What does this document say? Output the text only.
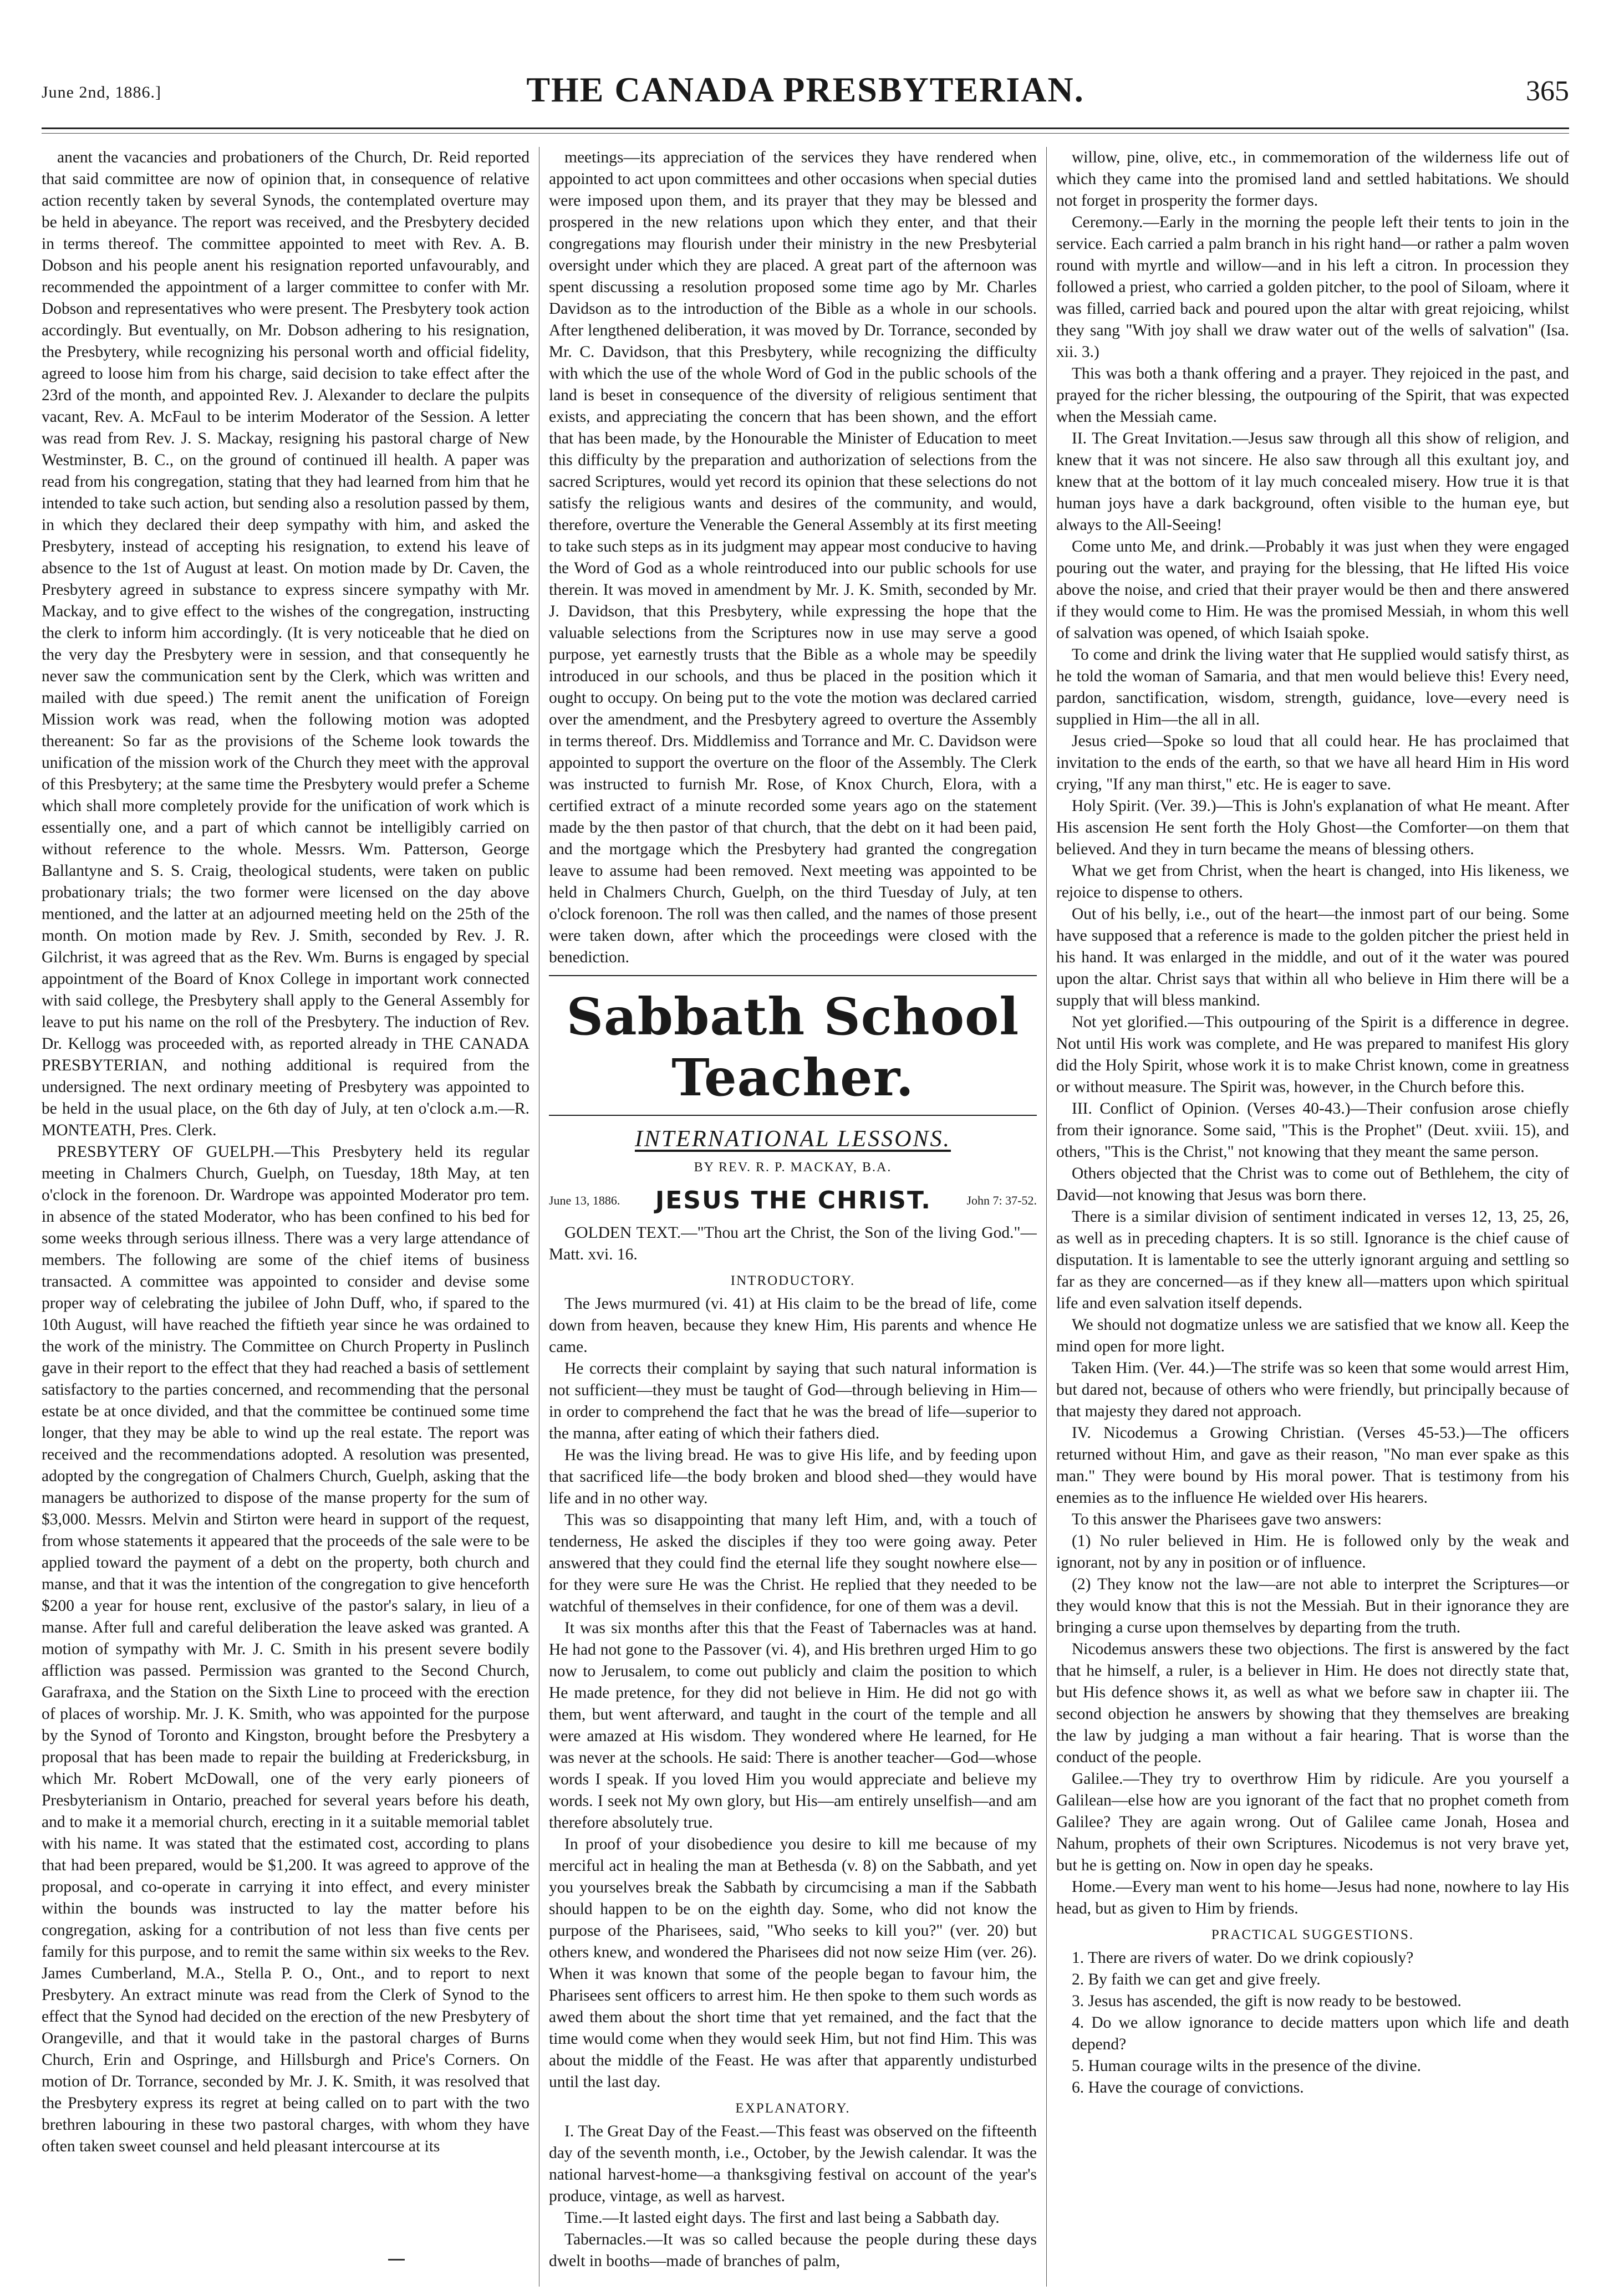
June 2nd, 1886.]	THE CANADA PRESBYTERIAN.	365

anent the vacancies and probationers of the Church, Dr. Reid reported that said committee are now of opinion that, in consequence of relative action recently taken by several Synods, the contemplated overture may be held in abeyance. The report was received, and the Presbytery decided in terms thereof. The committee appointed to meet with Rev. A. B. Dobson and his people anent his resignation reported unfavourably, and recommended the appointment of a larger committee to confer with Mr. Dobson and representatives who were present. The Presbytery took action accordingly. But eventually, on Mr. Dobson adhering to his resignation, the Presbytery, while recognizing his personal worth and official fidelity, agreed to loose him from his charge, said decision to take effect after the 23rd of the month, and appointed Rev. J. Alexander to declare the pulpits vacant, Rev. A. McFaul to be interim Moderator of the Session. A letter was read from Rev. J. S. Mackay, resigning his pastoral charge of New Westminster, B. C., on the ground of continued ill health. A paper was read from his congregation, stating that they had learned from him that he intended to take such action, but sending also a resolution passed by them, in which they declared their deep sympathy with him, and asked the Presbytery, instead of accepting his resignation, to extend his leave of absence to the 1st of August at least. On motion made by Dr. Caven, the Presbytery agreed in substance to express sincere sympathy with Mr. Mackay, and to give effect to the wishes of the congregation, instructing the clerk to inform him accordingly. (It is very noticeable that he died on the very day the Presbytery were in session, and that consequently he never saw the communication sent by the Clerk, which was written and mailed with due speed.) The remit anent the unification of Foreign Mission work was read, when the following motion was adopted thereanent: So far as the provisions of the Scheme look towards the unification of the mission work of the Church they meet with the approval of this Presbytery; at the same time the Presbytery would prefer a Scheme which shall more completely provide for the unification of work which is essentially one, and a part of which cannot be intelligibly carried on without reference to the whole. Messrs. Wm. Patterson, George Ballantyne and S. S. Craig, theological students, were taken on public probationary trials; the two former were licensed on the day above mentioned, and the latter at an adjourned meeting held on the 25th of the month. On motion made by Rev. J. Smith, seconded by Rev. J. R. Gilchrist, it was agreed that as the Rev. Wm. Burns is engaged by special appointment of the Board of Knox College in important work connected with said college, the Presbytery shall apply to the General Assembly for leave to put his name on the roll of the Presbytery. The induction of Rev. Dr. Kellogg was proceeded with, as reported already in THE CANADA PRESBYTERIAN, and nothing additional is required from the undersigned. The next ordinary meeting of Presbytery was appointed to be held in the usual place, on the 6th day of July, at ten o'clock a.m.—R. MONTEATH, Pres. Clerk.

PRESBYTERY OF GUELPH.—This Presbytery held its regular meeting in Chalmers Church, Guelph, on Tuesday, 18th May, at ten o'clock in the forenoon. Dr. Wardrope was appointed Moderator pro tem. in absence of the stated Moderator, who has been confined to his bed for some weeks through serious illness. There was a very large attendance of members. The following are some of the chief items of business transacted. A committee was appointed to consider and devise some proper way of celebrating the jubilee of John Duff, who, if spared to the 10th August, will have reached the fiftieth year since he was ordained to the work of the ministry. The Committee on Church Property in Puslinch gave in their report to the effect that they had reached a basis of settlement satisfactory to the parties concerned, and recommending that the personal estate be at once divided, and that the committee be continued some time longer, that they may be able to wind up the real estate. The report was received and the recommendations adopted. A resolution was presented, adopted by the congregation of Chalmers Church, Guelph, asking that the managers be authorized to dispose of the manse property for the sum of $3,000. Messrs. Melvin and Stirton were heard in support of the request, from whose statements it appeared that the proceeds of the sale were to be applied toward the payment of a debt on the property, both church and manse, and that it was the intention of the congregation to give henceforth $200 a year for house rent, exclusive of the pastor's salary, in lieu of a manse. After full and careful deliberation the leave asked was granted. A motion of sympathy with Mr. J. C. Smith in his present severe bodily affliction was passed. Permission was granted to the Second Church, Garafraxa, and the Station on the Sixth Line to proceed with the erection of places of worship. Mr. J. K. Smith, who was appointed for the purpose by the Synod of Toronto and Kingston, brought before the Presbytery a proposal that has been made to repair the building at Fredericksburg, in which Mr. Robert McDowall, one of the very early pioneers of Presbyterianism in Ontario, preached for several years before his death, and to make it a memorial church, erecting in it a suitable memorial tablet with his name. It was stated that the estimated cost, according to plans that had been prepared, would be $1,200. It was agreed to approve of the proposal, and co-operate in carrying it into effect, and every minister within the bounds was instructed to lay the matter before his congregation, asking for a contribution of not less than five cents per family for this purpose, and to remit the same within six weeks to the Rev. James Cumberland, M.A., Stella P. O., Ont., and to report to next Presbytery. An extract minute was read from the Clerk of Synod to the effect that the Synod had decided on the erection of the new Presbytery of Orangeville, and that it would take in the pastoral charges of Burns Church, Erin and Ospringe, and Hillsburgh and Price's Corners. On motion of Dr. Torrance, seconded by Mr. J. K. Smith, it was resolved that the Presbytery express its regret at being called on to part with the two brethren labouring in these two pastoral charges, with whom they have often taken sweet counsel and held pleasant intercourse at its

meetings—its appreciation of the services they have rendered when appointed to act upon committees and other occasions when special duties were imposed upon them, and its prayer that they may be blessed and prospered in the new relations upon which they enter, and that their congregations may flourish under their ministry in the new Presbyterial oversight under which they are placed. A great part of the afternoon was spent discussing a resolution proposed some time ago by Mr. Charles Davidson as to the introduction of the Bible as a whole in our schools. After lengthened deliberation, it was moved by Dr. Torrance, seconded by Mr. C. Davidson, that this Presbytery, while recognizing the difficulty with which the use of the whole Word of God in the public schools of the land is beset in consequence of the diversity of religious sentiment that exists, and appreciating the concern that has been shown, and the effort that has been made, by the Honourable the Minister of Education to meet this difficulty by the preparation and authorization of selections from the sacred Scriptures, would yet record its opinion that these selections do not satisfy the religious wants and desires of the community, and would, therefore, overture the Venerable the General Assembly at its first meeting to take such steps as in its judgment may appear most conducive to having the Word of God as a whole reintroduced into our public schools for use therein. It was moved in amendment by Mr. J. K. Smith, seconded by Mr. J. Davidson, that this Presbytery, while expressing the hope that the valuable selections from the Scriptures now in use may serve a good purpose, yet earnestly trusts that the Bible as a whole may be speedily introduced in our schools, and thus be placed in the position which it ought to occupy. On being put to the vote the motion was declared carried over the amendment, and the Presbytery agreed to overture the Assembly in terms thereof. Drs. Middlemiss and Torrance and Mr. C. Davidson were appointed to support the overture on the floor of the Assembly. The Clerk was instructed to furnish Mr. Rose, of Knox Church, Elora, with a certified extract of a minute recorded some years ago on the statement made by the then pastor of that church, that the debt on it had been paid, and the mortgage which the Presbytery had granted the congregation leave to assume had been removed. Next meeting was appointed to be held in Chalmers Church, Guelph, on the third Tuesday of July, at ten o'clock forenoon. The roll was then called, and the names of those present were taken down, after which the proceedings were closed with the benediction.

Sabbath School Teacher.
INTERNATIONAL LESSONS.
BY REV. R. P. MACKAY, B.A.
June 13, 1886. JESUS THE CHRIST.	John 7: 37-52.

GOLDEN TEXT.—"Thou art the Christ, the Son of the living God."—Matt. xvi. 16.

INTRODUCTORY.

The Jews murmured (vi. 41) at His claim to be the bread of life, come down from heaven, because they knew Him, His parents and whence He came.

He corrects their complaint by saying that such natural information is not sufficient—they must be taught of God—through believing in Him—in order to comprehend the fact that he was the bread of life—superior to the manna, after eating of which their fathers died.

He was the living bread. He was to give His life, and by feeding upon that sacrificed life—the body broken and blood shed—they would have life and in no other way.

This was so disappointing that many left Him, and, with a touch of tenderness, He asked the disciples if they too were going away. Peter answered that they could find the eternal life they sought nowhere else—for they were sure He was the Christ. He replied that they needed to be watchful of themselves in their confidence, for one of them was a devil.

It was six months after this that the Feast of Tabernacles was at hand. He had not gone to the Passover (vi. 4), and His brethren urged Him to go now to Jerusalem, to come out publicly and claim the position to which He made pretence, for they did not believe in Him. He did not go with them, but went afterward, and taught in the court of the temple and all were amazed at His wisdom. They wondered where He learned, for He was never at the schools. He said: There is another teacher—God—whose words I speak. If you loved Him you would appreciate and believe my words. I seek not My own glory, but His—am entirely unselfish—and am therefore absolutely true.

In proof of your disobedience you desire to kill me because of my merciful act in healing the man at Bethesda (v. 8) on the Sabbath, and yet you yourselves break the Sabbath by circumcising a man if the Sabbath should happen to be on the eighth day. Some, who did not know the purpose of the Pharisees, said, "Who seeks to kill you?" (ver. 20) but others knew, and wondered the Pharisees did not now seize Him (ver. 26). When it was known that some of the people began to favour him, the Pharisees sent officers to arrest him. He then spoke to them such words as awed them about the short time that yet remained, and the fact that the time would come when they would seek Him, but not find Him. This was about the middle of the Feast. He was after that apparently undisturbed until the last day.

EXPLANATORY.

I. The Great Day of the Feast.—This feast was observed on the fifteenth day of the seventh month, i.e., October, by the Jewish calendar. It was the national harvest-home—a thanksgiving festival on account of the year's produce, vintage, as well as harvest.

Time.—It lasted eight days. The first and last being a Sabbath day.

Tabernacles.—It was so called because the people during these days dwelt in booths—made of branches of palm,

willow, pine, olive, etc., in commemoration of the wilderness life out of which they came into the promised land and settled habitations. We should not forget in prosperity the former days.

Ceremony.—Early in the morning the people left their tents to join in the service. Each carried a palm branch in his right hand—or rather a palm woven round with myrtle and willow—and in his left a citron. In procession they followed a priest, who carried a golden pitcher, to the pool of Siloam, where it was filled, carried back and poured upon the altar with great rejoicing, whilst they sang "With joy shall we draw water out of the wells of salvation" (Isa. xii. 3.)

This was both a thank offering and a prayer. They rejoiced in the past, and prayed for the richer blessing, the outpouring of the Spirit, that was expected when the Messiah came.

II. The Great Invitation.—Jesus saw through all this show of religion, and knew that it was not sincere. He also saw through all this exultant joy, and knew that at the bottom of it lay much concealed misery. How true it is that human joys have a dark background, often visible to the human eye, but always to the All-Seeing!

Come unto Me, and drink.—Probably it was just when they were engaged pouring out the water, and praying for the blessing, that He lifted His voice above the noise, and cried that their prayer would be then and there answered if they would come to Him. He was the promised Messiah, in whom this well of salvation was opened, of which Isaiah spoke.

To come and drink the living water that He supplied would satisfy thirst, as he told the woman of Samaria, and that men would believe this! Every need, pardon, sanctification, wisdom, strength, guidance, love—every need is supplied in Him—the all in all.

Jesus cried—Spoke so loud that all could hear. He has proclaimed that invitation to the ends of the earth, so that we have all heard Him in His word crying, "If any man thirst," etc. He is eager to save.

Holy Spirit. (Ver. 39.)—This is John's explanation of what He meant. After His ascension He sent forth the Holy Ghost—the Comforter—on them that believed. And they in turn became the means of blessing others.

What we get from Christ, when the heart is changed, into His likeness, we rejoice to dispense to others.

Out of his belly, i.e., out of the heart—the inmost part of our being. Some have supposed that a reference is made to the golden pitcher the priest held in his hand. It was enlarged in the middle, and out of it the water was poured upon the altar. Christ says that within all who believe in Him there will be a supply that will bless mankind.

Not yet glorified.—This outpouring of the Spirit is a difference in degree. Not until His work was complete, and He was prepared to manifest His glory did the Holy Spirit, whose work it is to make Christ known, come in greatness or without measure. The Spirit was, however, in the Church before this.

III. Conflict of Opinion. (Verses 40-43.)—Their confusion arose chiefly from their ignorance. Some said, "This is the Prophet" (Deut. xviii. 15), and others, "This is the Christ," not knowing that they meant the same person.

Others objected that the Christ was to come out of Bethlehem, the city of David—not knowing that Jesus was born there.

There is a similar division of sentiment indicated in verses 12, 13, 25, 26, as well as in preceding chapters. It is so still. Ignorance is the chief cause of disputation. It is lamentable to see the utterly ignorant arguing and settling so far as they are concerned—as if they knew all—matters upon which spiritual life and even salvation itself depends.

We should not dogmatize unless we are satisfied that we know all. Keep the mind open for more light.

Taken Him. (Ver. 44.)—The strife was so keen that some would arrest Him, but dared not, because of others who were friendly, but principally because of that majesty they dared not approach.

IV. Nicodemus a Growing Christian. (Verses 45-53.)—The officers returned without Him, and gave as their reason, "No man ever spake as this man." They were bound by His moral power. That is testimony from his enemies as to the influence He wielded over His hearers.

To this answer the Pharisees gave two answers:

(1) No ruler believed in Him. He is followed only by the weak and ignorant, not by any in position or of influence.

(2) They know not the law—are not able to interpret the Scriptures—or they would know that this is not the Messiah. But in their ignorance they are bringing a curse upon themselves by departing from the truth.

Nicodemus answers these two objections. The first is answered by the fact that he himself, a ruler, is a believer in Him. He does not directly state that, but His defence shows it, as well as what we before saw in chapter iii. The second objection he answers by showing that they themselves are breaking the law by judging a man without a fair hearing. That is worse than the conduct of the people.

Galilee.—They try to overthrow Him by ridicule. Are you yourself a Galilean—else how are you ignorant of the fact that no prophet cometh from Galilee? They are again wrong. Out of Galilee came Jonah, Hosea and Nahum, prophets of their own Scriptures. Nicodemus is not very brave yet, but he is getting on. Now in open day he speaks.

Home.—Every man went to his home—Jesus had none, nowhere to lay His head, but as given to Him by friends.

PRACTICAL SUGGESTIONS.

1. There are rivers of water. Do we drink copiously?

2. By faith we can get and give freely.

3. Jesus has ascended, the gift is now ready to be bestowed.

4. Do we allow ignorance to decide matters upon which life and death depend?

5. Human courage wilts in the presence of the divine.

6. Have the courage of convictions.
